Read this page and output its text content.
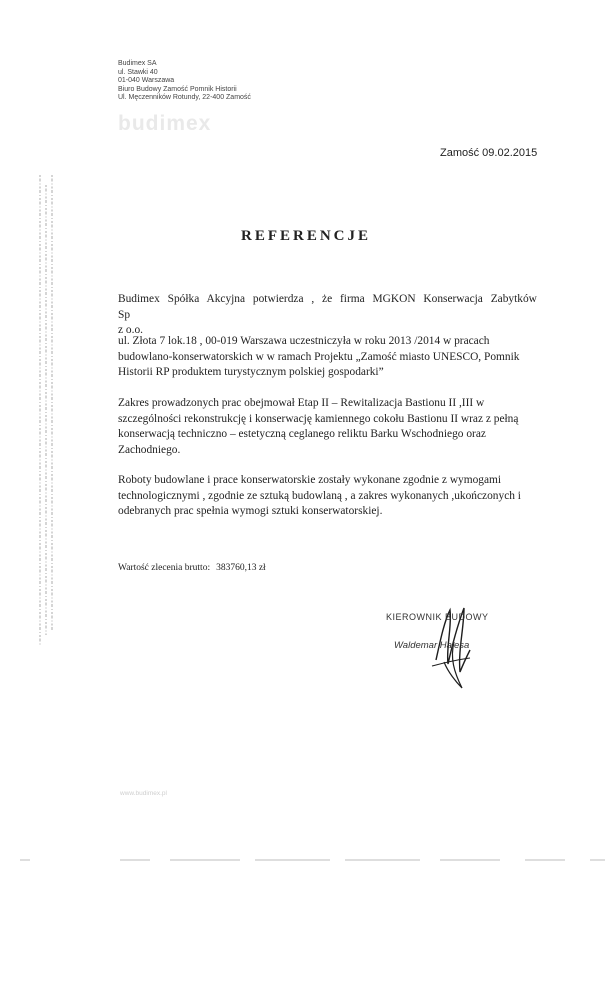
Budimex SA
ul. Stawki 40
01-040 Warszawa
Biuro Budowy Zamość Pomnik Historii
Ul. Męczenników Rotundy, 22-400 Zamość
budimex
Zamość 09.02.2015
REFERENCJE
Budimex Spółka Akcyjna potwierdza , że firma MGKON Konserwacja Zabytków Sp
z o.o.
ul. Złota 7 lok.18 , 00-019 Warszawa uczestniczyła w roku 2013 /2014 w pracach budowlano-konserwatorskich w w ramach Projektu „Zamość miasto UNESCO, Pomnik Historii RP produktem turystycznym polskiej gospodarki”
Zakres prowadzonych prac obejmował Etap II – Rewitalizacja Bastionu II ,III w szczególności rekonstrukcję i konserwację kamiennego cokołu Bastionu II wraz z pełną konserwacją techniczno – estetyczną ceglanego reliktu Barku Wschodniego oraz Zachodniego.
Roboty budowlane i prace konserwatorskie zostały wykonane zgodnie z wymogami technologicznymi , zgodnie ze sztuką budowlaną , a zakres wykonanych ,ukończonych i odebranych prac spełnia wymogi sztuki konserwatorskiej.
Wartość zlecenia brutto: 383760,13 zł
KIEROWNIK BUDOWY
Waldemar Halesa
www.budimex.pl
